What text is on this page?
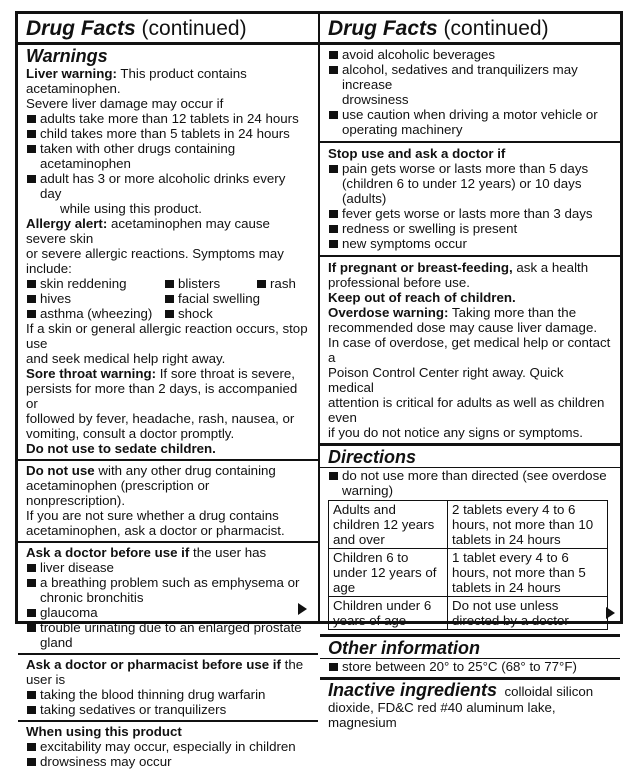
Drug Facts (continued)
Warnings

Liver warning: This product contains acetaminophen.

Severe liver damage may occur if

adults take more than 12 tablets in 24 hours
child takes more than 5 tablets in 24 hours
taken with other drugs containing acetaminophen
adult has 3 or more alcoholic drinks every day

while using this product.

Allergy alert: acetaminophen may cause severe skin

or severe allergic reactions. Symptoms may include:

skin reddening	blisters	rash
hives	facial swelling
asthma (wheezing)	shock

If a skin or general allergic reaction occurs, stop use

and seek medical help right away.

Sore throat warning: If sore throat is severe,

persists for more than 2 days, is accompanied or

followed by fever, headache, rash, nausea, or

vomiting, consult a doctor promptly.

Do not use to sedate children.

Do not use with any other drug containing

acetaminophen (prescription or nonprescription).

If you are not sure whether a drug contains

acetaminophen, ask a doctor or pharmacist.

Ask a doctor before use if the user has

liver disease
a breathing problem such as emphysema or

chronic bronchitis

glaucoma
trouble urinating due to an enlarged prostate gland

Ask a doctor or pharmacist before use if the user is

taking the blood thinning drug warfarin
taking sedatives or tranquilizers

When using this product

excitability may occur, especially in children
drowsiness may occur
Drug Facts (continued)
avoid alcoholic beverages
alcohol, sedatives and tranquilizers may increase

drowsiness

use caution when driving a motor vehicle or

operating machinery

Stop use and ask a doctor if

pain gets worse or lasts more than 5 days

(children 6 to under 12 years) or 10 days (adults)

fever gets worse or lasts more than 3 days
redness or swelling is present
new symptoms occur

If pregnant or breast-feeding, ask a health

professional before use.

Keep out of reach of children.

Overdose warning: Taking more than the

recommended dose may cause liver damage.

In case of overdose, get medical help or contact a

Poison Control Center right away. Quick medical

attention is critical for adults as well as children even

if you do not notice any signs or symptoms.

Directions
do not use more than directed (see overdose warning)
Adults and children 12 years and over	2 tablets every 4 to 6 hours, not more than 10 tablets in 24 hours
Children 6 to under 12 years of age	1 tablet every 4 to 6 hours, not more than 5 tablets in 24 hours
Children under 6 years of age	Do not use unless directed by a doctor
Other information
store between 20° to 25°C (68° to 77°F)

Inactive ingredients colloidal silicon

dioxide, FD&C red #40 aluminum lake, magnesium
